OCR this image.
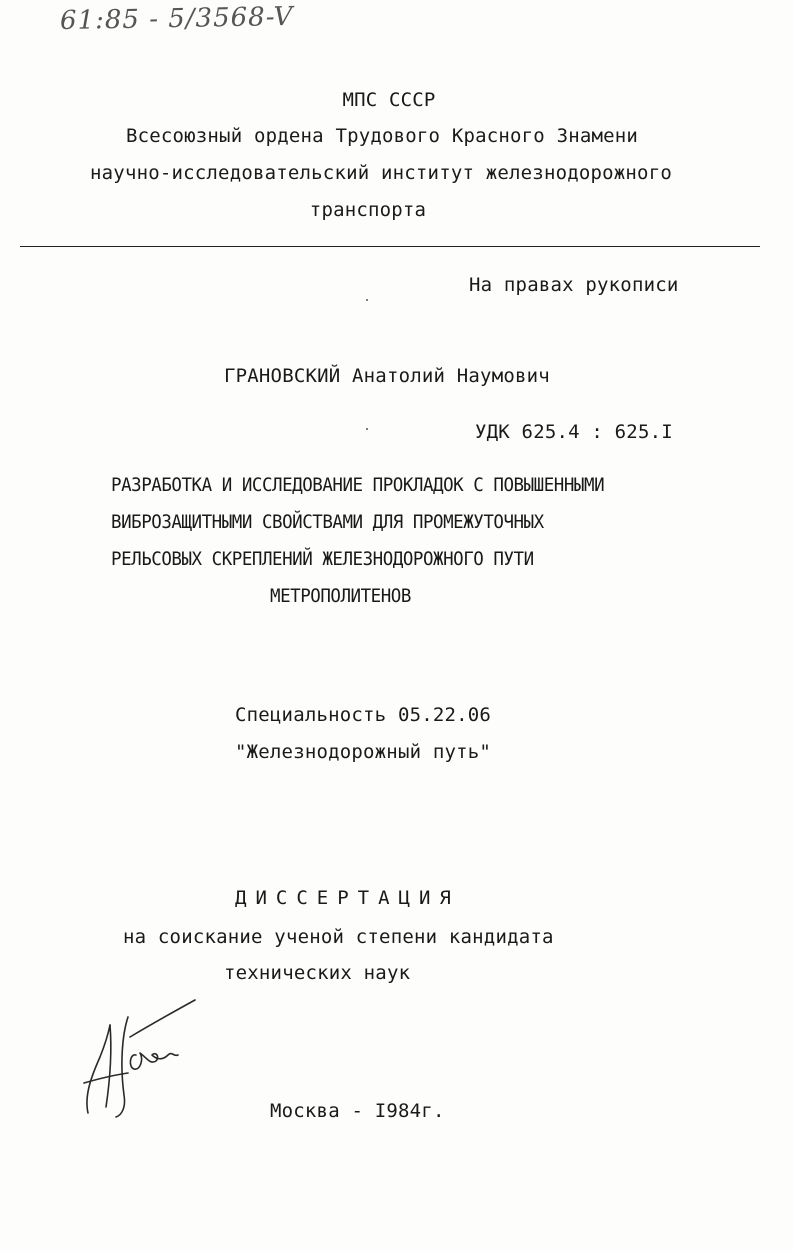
61:85 - 5/3568-V
МПС СССР
Всесоюзный ордена Трудового Красного Знамени
научно-исследовательский институт железнодорожного
транспорта
На правах рукописи
ГРАНОВСКИЙ Анатолий Наумович
УДК 625.4 : 625.I
РАЗРАБОТКА И ИССЛЕДОВАНИЕ ПРОКЛАДОК С ПОВЫШЕННЫМИ
ВИБРОЗАЩИТНЫМИ СВОЙСТВАМИ ДЛЯ ПРОМЕЖУТОЧНЫХ
РЕЛЬСОВЫХ СКРЕПЛЕНИЙ ЖЕЛЕЗНОДОРОЖНОГО ПУТИ
МЕТРОПОЛИТЕНОВ
Специальность 05.22.06
"Железнодорожный путь"
ДИССЕРТАЦИЯ
на соискание ученой степени кандидата
технических наук
Москва - I984г.
